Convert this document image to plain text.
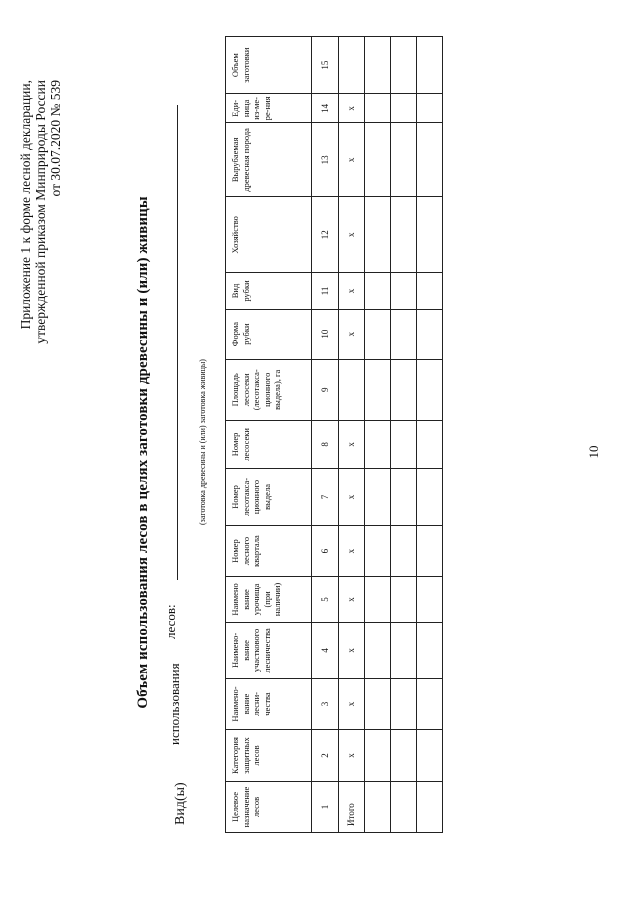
Приложение 1 к форме лесной декларации, утвержденной приказом Минприроды России от 30.07.2020 № 539
10
Объем использования лесов в целях заготовки древесины и (или) живицы
Вид(ы)
использования
лесов:
(заготовка древесины и (или) заготовка живицы)
Целевое назначение лесов	Категория защитных лесов	Наимено-вание лесни-чества	Наимено-вание участкового лесничества	Наимено вание урочища (при наличии)	Номер лесного квартала	Номер лесотакса-ционного выдела	Номер лесосеки	Площадь лесосеки (лесотакса-ционного выдела), га	Форма рубки	Вид рубки	Хозяйство	Вырубаемая древесная порода	Еди-ница из-ме-ре-ния	Объем заготовки
1	2	3	4	5	6	7	8	9	10	11	12	13	14	15
Итого	x	x	x	x	x	x	x		x	x	x	x	x	
